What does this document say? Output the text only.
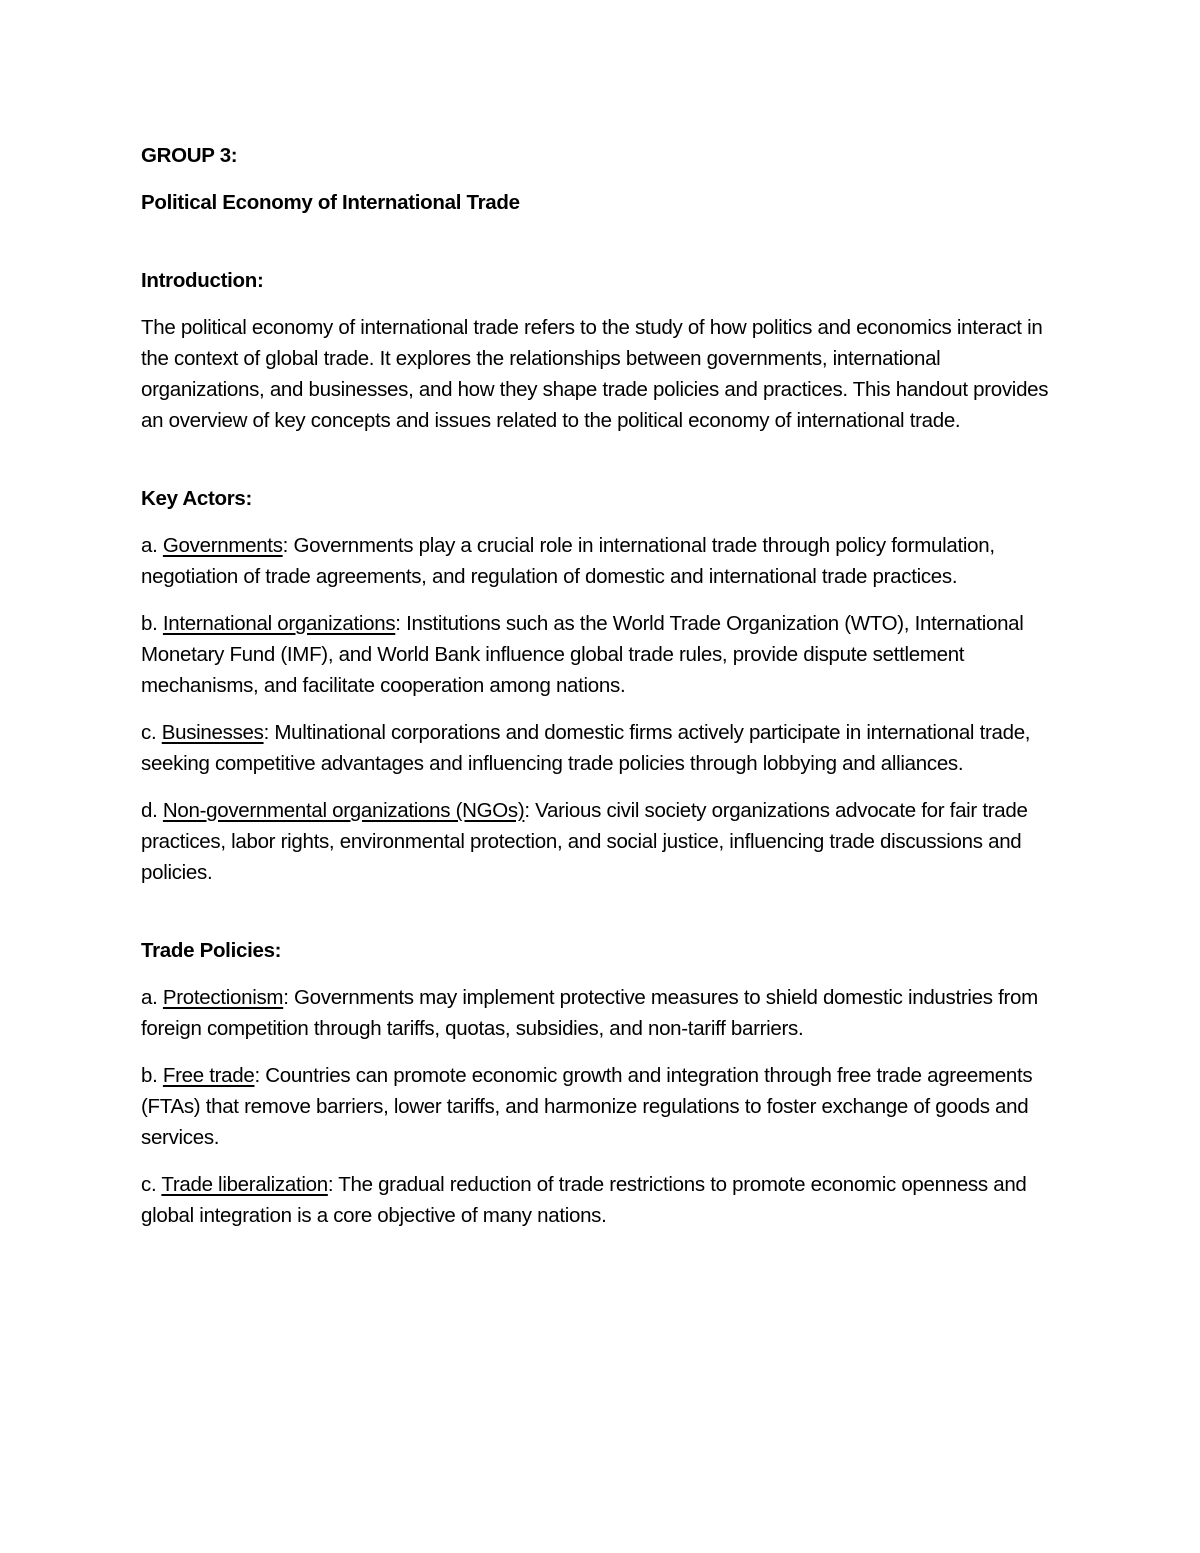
GROUP 3:

Political Economy of International Trade

Introduction:

The political economy of international trade refers to the study of how politics and economics interact in the context of global trade. It explores the relationships between governments, international organizations, and businesses, and how they shape trade policies and practices. This handout provides an overview of key concepts and issues related to the political economy of international trade.

Key Actors:

a. Governments: Governments play a crucial role in international trade through policy formulation, negotiation of trade agreements, and regulation of domestic and international trade practices.

b. International organizations: Institutions such as the World Trade Organization (WTO), International Monetary Fund (IMF), and World Bank influence global trade rules, provide dispute settlement mechanisms, and facilitate cooperation among nations.

c. Businesses: Multinational corporations and domestic firms actively participate in international trade, seeking competitive advantages and influencing trade policies through lobbying and alliances.

d. Non-governmental organizations (NGOs): Various civil society organizations advocate for fair trade practices, labor rights, environmental protection, and social justice, influencing trade discussions and policies.

Trade Policies:

a. Protectionism: Governments may implement protective measures to shield domestic industries from foreign competition through tariffs, quotas, subsidies, and non-tariff barriers.

b. Free trade: Countries can promote economic growth and integration through free trade agreements (FTAs) that remove barriers, lower tariffs, and harmonize regulations to foster exchange of goods and services.

c. Trade liberalization: The gradual reduction of trade restrictions to promote economic openness and global integration is a core objective of many nations.
